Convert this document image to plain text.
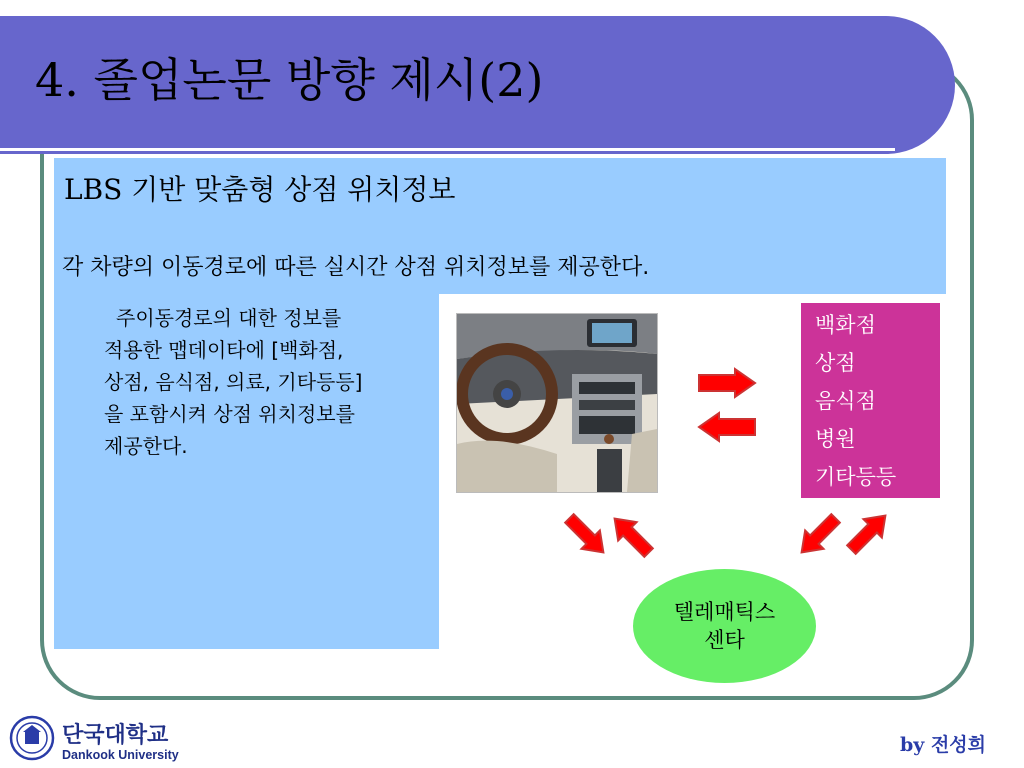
4. 졸업논문 방향 제시(2)
LBS 기반 맞춤형 상점 위치정보
각 차량의 이동경로에 따른 실시간 상점 위치정보를 제공한다.
주이동경로의 대한 정보를
적용한 맵데이타에 [백화점,
상점, 음식점, 의료, 기타등등]
을 포함시켜 상점 위치정보를
제공한다.
백화점
상점
음식점
병원
기타등등
텔레매틱스
센타
단국대학교
Dankook University	by 전성희
